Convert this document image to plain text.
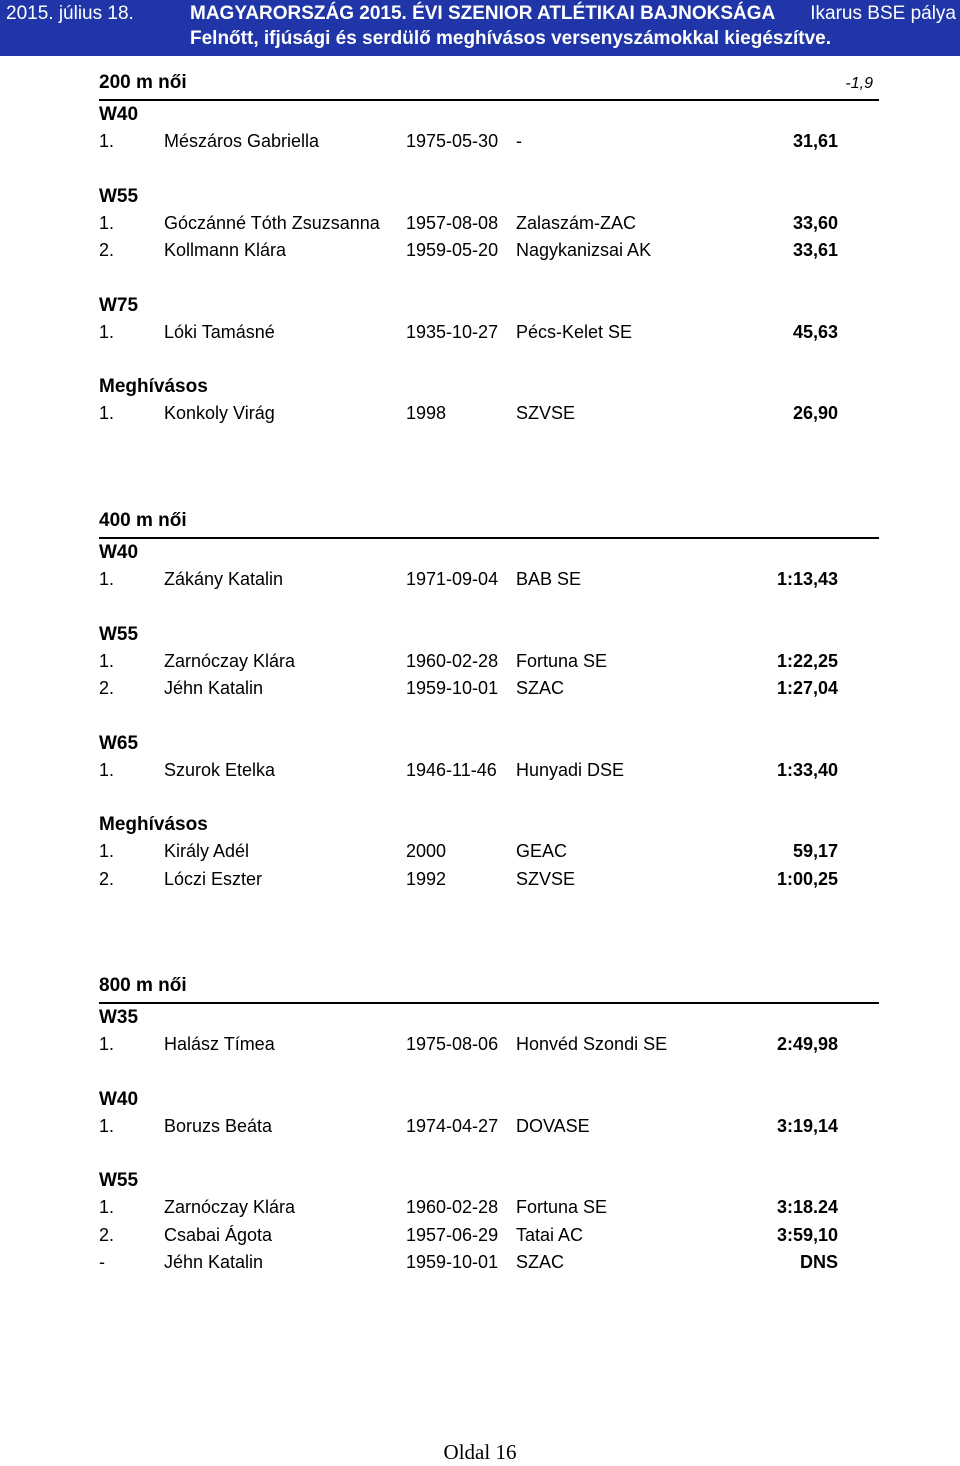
2015. július 18.	MAGYARORSZÁG 2015. ÉVI SZENIOR ATLÉTIKAI BAJNOKSÁGA Ikarus BSE pálya
Felnőtt, ifjúsági és serdülő meghívásos versenyszámokkal kiegészítve.
200 m női	-1,9
W40
1.	Mészáros Gabriella	1975-05-30 -	31,61
W55
1.	Góczánné Tóth Zsuzsanna 1957-08-08 Zalaszám-ZAC	33,60
2.	Kollmann Klára	1959-05-20 Nagykanizsai AK	33,61
W75
1.	Lóki Tamásné	1935-10-27 Pécs-Kelet SE	45,63
Meghívásos
1.	Konkoly Virág	1998	SZVSE	26,90
400 m női
W40
1.	Zákány Katalin	1971-09-04 BAB SE	1:13,43
W55
1.	Zarnóczay Klára	1960-02-28 Fortuna SE	1:22,25
2.	Jéhn Katalin	1959-10-01 SZAC	1:27,04
W65
1.	Szurok Etelka	1946-11-46 Hunyadi DSE	1:33,40
Meghívásos
1.	Király Adél	2000	GEAC	59,17
2.	Lóczi Eszter	1992	SZVSE	1:00,25
800 m női
W35
1.	Halász Tímea	1975-08-06 Honvéd Szondi SE	2:49,98
W40
1.	Boruzs Beáta	1974-04-27 DOVASE	3:19,14
W55
1.	Zarnóczay Klára	1960-02-28 Fortuna SE	3:18.24
2.	Csabai Ágota	1957-06-29 Tatai AC	3:59,10
-	Jéhn Katalin	1959-10-01 SZAC	DNS
Oldal 16
